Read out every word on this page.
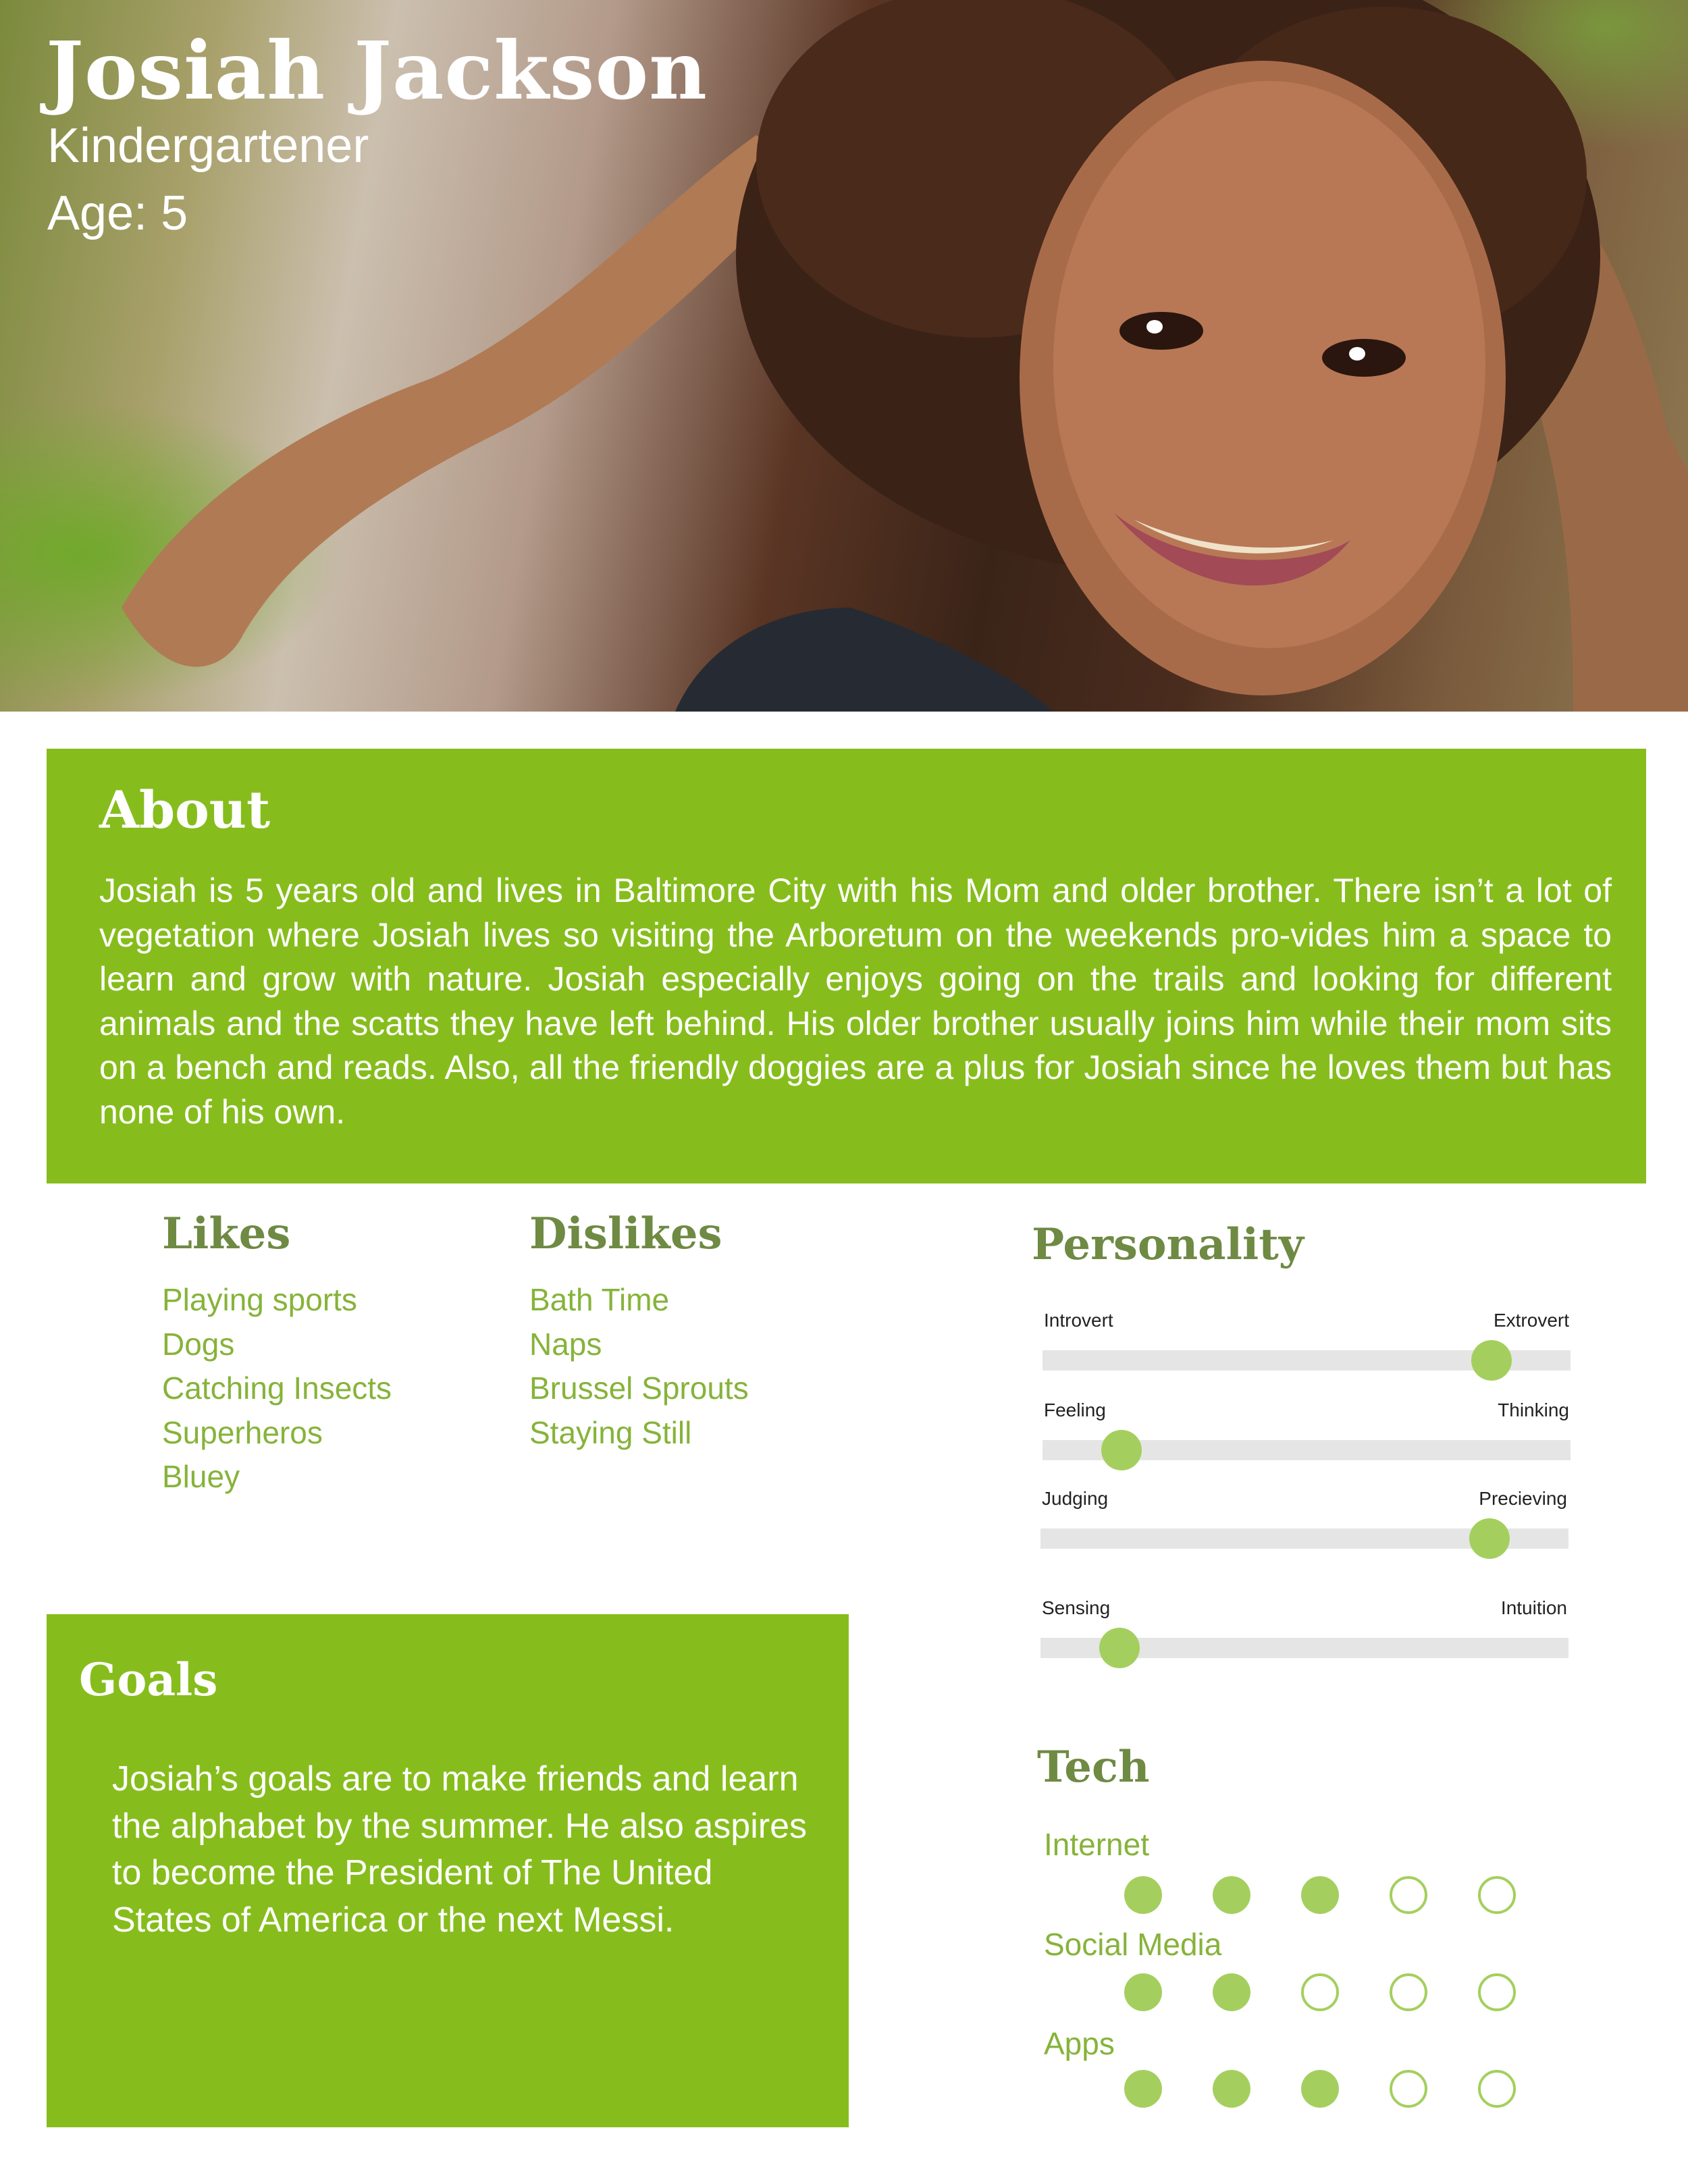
Josiah Jackson
Kindergartener
Age: 5
About

Josiah is 5 years old and lives in Baltimore City with his Mom and older brother. There isn’t a lot of vegetation where Josiah lives so visiting the Arboretum on the weekends pro-vides him a space to learn and grow with nature. Josiah especially enjoys going on the trails and looking for different animals and the scatts they have left behind. His older brother usually joins him while their mom sits on a bench and reads. Also, all the friendly doggies are a plus for Josiah since he loves them but has none of his own.

Likes
Playing sports
Dogs
Catching Insects
Superheros
Bluey
Dislikes
Bath Time
Naps
Brussel Sprouts
Staying Still
Personality
Introvert	Extrovert
Feeling	Thinking
Judging	Precieving
Sensing	Intuition
Goals

Josiah’s goals are to make friends and learn the alphabet by the summer. He also aspires to become the President of The United States of America or the next Messi.

Tech
Internet
Social Media
Apps
